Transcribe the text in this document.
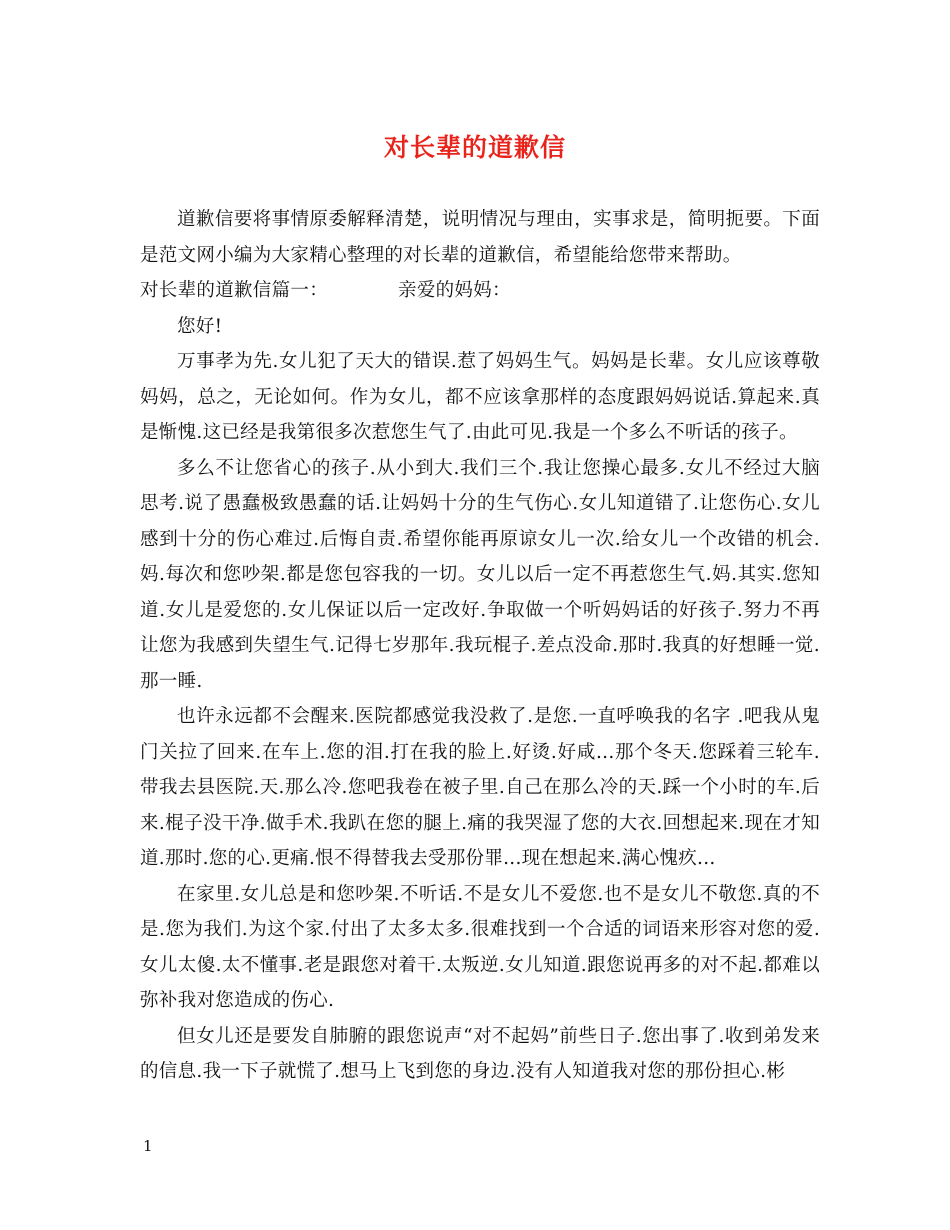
对长辈的道歉信

道歉信要将事情原委解释清楚，说明情况与理由，实事求是，简明扼要。下面是范文网小编为大家精心整理的对长辈的道歉信，希望能给您带来帮助。

对长辈的道歉信篇一：	亲爱的妈妈：

您好!

万事孝为先.女儿犯了天大的错误.惹了妈妈生气。妈妈是长辈。女儿应该尊敬妈妈，总之，无论如何。作为女儿，都不应该拿那样的态度跟妈妈说话.算起来.真是惭愧.这已经是我第很多次惹您生气了.由此可见.我是一个多么不听话的孩子。

多么不让您省心的孩子.从小到大.我们三个.我让您操心最多.女儿不经过大脑思考.说了愚蠢极致愚蠢的话.让妈妈十分的生气伤心.女儿知道错了.让您伤心.女儿感到十分的伤心难过.后悔自责.希望你能再原谅女儿一次.给女儿一个改错的机会.妈.每次和您吵架.都是您包容我的一切。女儿以后一定不再惹您生气.妈.其实.您知道.女儿是爱您的.女儿保证以后一定改好.争取做一个听妈妈话的好孩子.努力不再让您为我感到失望生气.记得七岁那年.我玩棍子.差点没命.那时.我真的好想睡一觉.那一睡.

也许永远都不会醒来.医院都感觉我没救了.是您.一直呼唤我的名字 .吧我从鬼门关拉了回来.在车上.您的泪.打在我的脸上.好烫.好咸...那个冬天.您踩着三轮车.带我去县医院.天.那么冷.您吧我卷在被子里.自己在那么冷的天.踩一个小时的车.后来.棍子没干净.做手术.我趴在您的腿上.痛的我哭湿了您的大衣.回想起来.现在才知道.那时.您的心.更痛.恨不得替我去受那份罪...现在想起来.满心愧疚...

在家里.女儿总是和您吵架.不听话.不是女儿不爱您.也不是女儿不敬您.真的不是.您为我们.为这个家.付出了太多太多.很难找到一个合适的词语来形容对您的爱.女儿太傻.太不懂事.老是跟您对着干.太叛逆.女儿知道.跟您说再多的对不起.都难以弥补我对您造成的伤心.

但女儿还是要发自肺腑的跟您说声“对不起妈”前些日子.您出事了.收到弟发来的信息.我一下子就慌了.想马上飞到您的身边.没有人知道我对您的那份担心.彬

1
